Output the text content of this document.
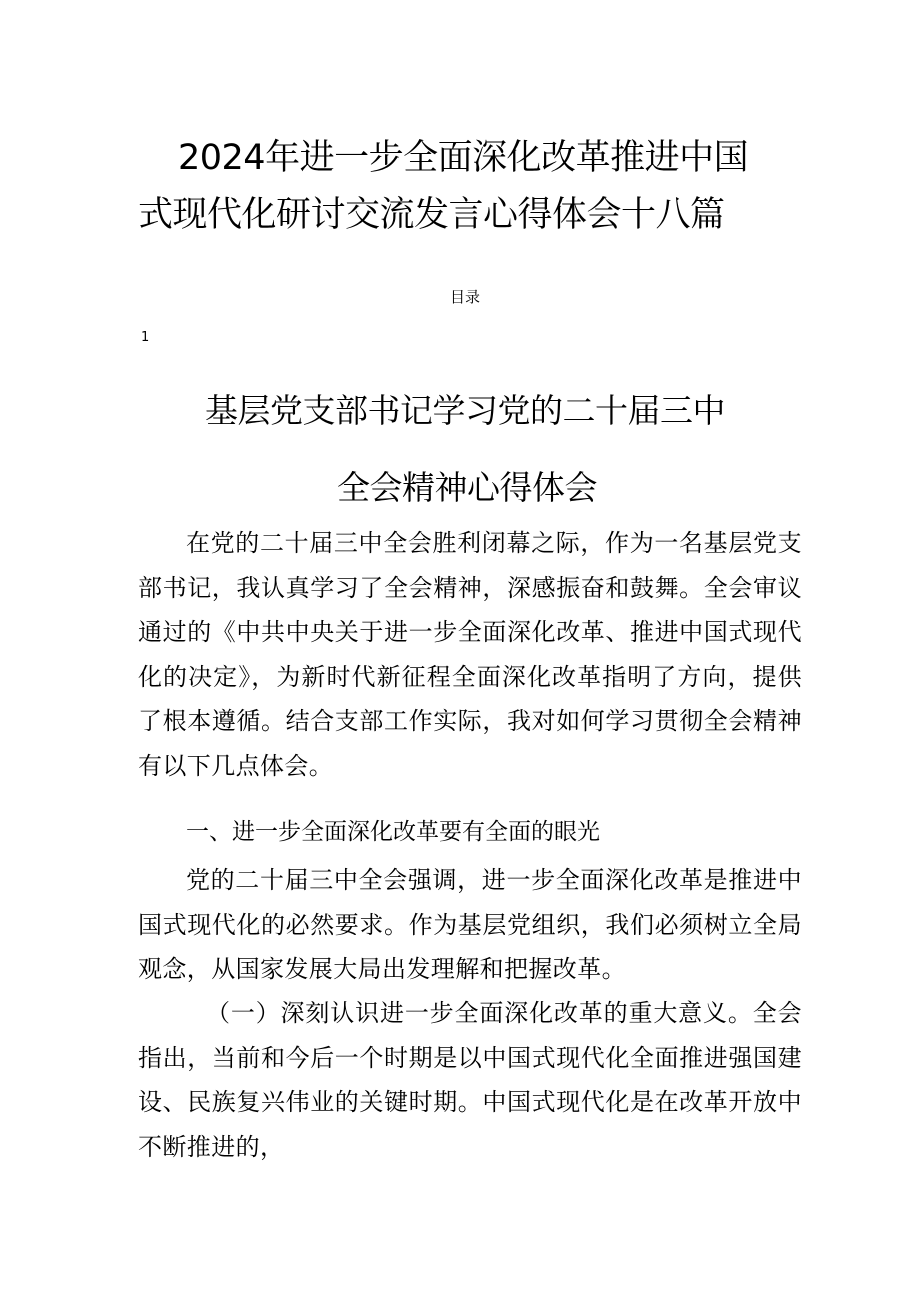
2024年进一步全面深化改革推进中国
式现代化研讨交流发言心得体会十八篇
目录
1
基层党支部书记学习党的二十届三中
全会精神心得体会

在党的二十届三中全会胜利闭幕之际，作为一名基层党支部书记，我认真学习了全会精神，深感振奋和鼓舞。全会审议通过的《中共中央关于进一步全面深化改革、推进中国式现代化的决定》，为新时代新征程全面深化改革指明了方向，提供了根本遵循。结合支部工作实际，我对如何学习贯彻全会精神有以下几点体会。

一、进一步全面深化改革要有全面的眼光

党的二十届三中全会强调，进一步全面深化改革是推进中国式现代化的必然要求。作为基层党组织，我们必须树立全局观念，从国家发展大局出发理解和把握改革。

（一）深刻认识进一步全面深化改革的重大意义。全会指出，当前和今后一个时期是以中国式现代化全面推进强国建设、民族复兴伟业的关键时期。中国式现代化是在改革开放中不断推进的，
